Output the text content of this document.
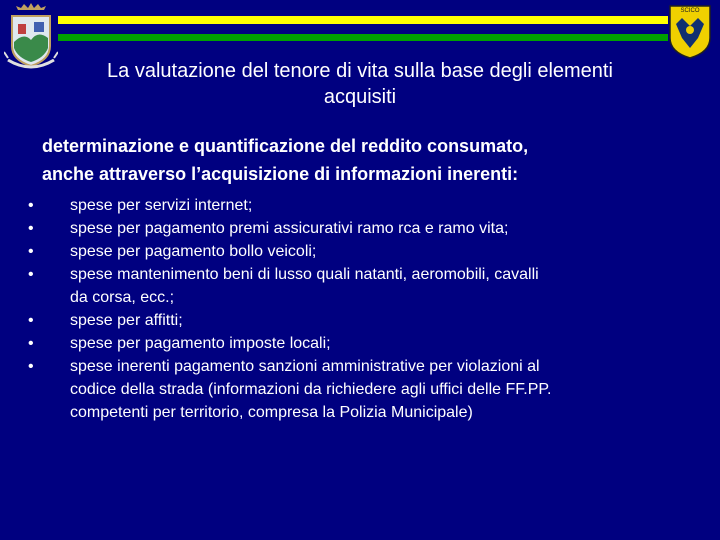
SCICO
La valutazione del tenore di vita sulla base degli elementi
acquisiti
determinazione e quantificazione del reddito consumato,
anche attraverso l’acquisizione di informazioni inerenti:
• spese per servizi internet;
• spese per pagamento premi assicurativi ramo rca e ramo vita;
• spese per pagamento bollo veicoli;
• spese mantenimento beni di lusso quali natanti, aeromobili, cavalli
da corsa, ecc.;
• spese per affitti;
• spese per pagamento imposte locali;
• spese inerenti pagamento sanzioni amministrative per violazioni al
codice della strada (informazioni da richiedere agli uffici delle FF.PP.
competenti per territorio, compresa la Polizia Municipale)
